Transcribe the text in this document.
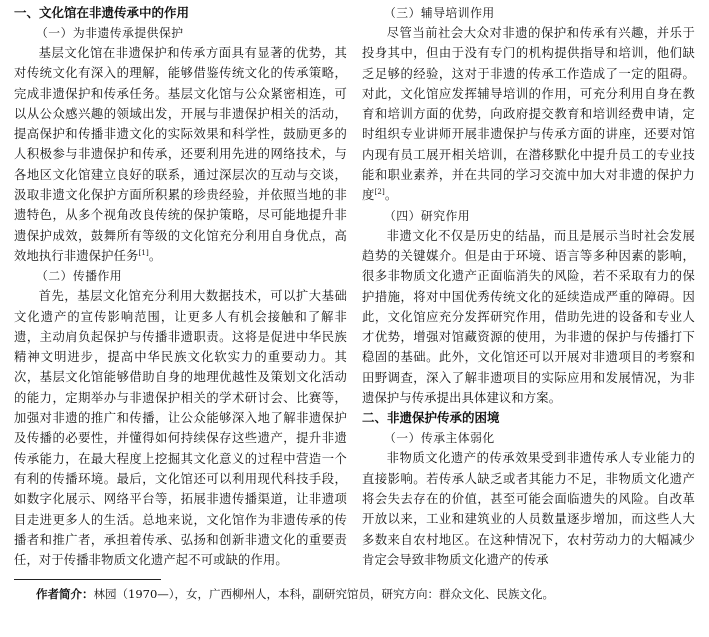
一、文化馆在非遗传承中的作用

（一）为非遗传承提供保护

基层文化馆在非遗保护和传承方面具有显著的优势，其对传统文化有深入的理解，能够借鉴传统文化的传承策略，完成非遗保护和传承任务。基层文化馆与公众紧密相连，可以从公众感兴趣的领域出发，开展与非遗保护相关的活动，提高保护和传播非遗文化的实际效果和科学性，鼓励更多的人积极参与非遗保护和传承，还要利用先进的网络技术，与各地区文化馆建立良好的联系，通过深层次的互动与交谈，汲取非遗文化保护方面所积累的珍贵经验，并依照当地的非遗特色，从多个视角改良传统的保护策略，尽可能地提升非遗保护成效，鼓舞所有等级的文化馆充分利用自身优点，高效地执行非遗保护任务[1]。

（二）传播作用

首先，基层文化馆充分利用大数据技术，可以扩大基础文化遗产的宣传影响范围，让更多人有机会接触和了解非遗，主动肩负起保护与传播非遗职责。这将是促进中华民族精神文明进步，提高中华民族文化软实力的重要动力。其次，基层文化馆能够借助自身的地理优越性及策划文化活动的能力，定期举办与非遗保护相关的学术研讨会、比赛等，加强对非遗的推广和传播，让公众能够深入地了解非遗保护及传播的必要性，并懂得如何持续保存这些遗产，提升非遗传承能力，在最大程度上挖掘其文化意义的过程中营造一个有利的传播环境。最后，文化馆还可以利用现代科技手段，如数字化展示、网络平台等，拓展非遗传播渠道，让非遗项目走进更多人的生活。总地来说，文化馆作为非遗传承的传播者和推广者，承担着传承、弘扬和创新非遗文化的重要责任，对于传播非物质文化遗产起不可或缺的作用。

（三）辅导培训作用

尽管当前社会大众对非遗的保护和传承有兴趣，并乐于投身其中，但由于没有专门的机构提供指导和培训，他们缺乏足够的经验，这对于非遗的传承工作造成了一定的阻碍。对此，文化馆应发挥辅导培训的作用，可充分利用自身在教育和培训方面的优势，向政府提交教育和培训经费申请，定时组织专业讲师开展非遗保护与传承方面的讲座，还要对馆内现有员工展开相关培训，在潜移默化中提升员工的专业技能和职业素养，并在共同的学习交流中加大对非遗的保护力度[2]。

（四）研究作用

非遗文化不仅是历史的结晶，而且是展示当时社会发展趋势的关键媒介。但是由于环境、语言等多种因素的影响，很多非物质文化遗产正面临消失的风险，若不采取有力的保护措施，将对中国优秀传统文化的延续造成严重的障碍。因此，文化馆应充分发挥研究作用，借助先进的设备和专业人才优势，增强对馆藏资源的使用，为非遗的保护与传播打下稳固的基础。此外，文化馆还可以开展对非遗项目的考察和田野调查，深入了解非遗项目的实际应用和发展情况，为非遗保护与传承提出具体建议和方案。

二、非遗保护传承的困境

（一）传承主体弱化

非物质文化遗产的传承效果受到非遗传承人专业能力的直接影响。若传承人缺乏或者其能力不足，非物质文化遗产将会失去存在的价值，甚至可能会面临遗失的风险。自改革开放以来，工业和建筑业的人员数量逐步增加，而这些人大多数来自农村地区。在这种情况下，农村劳动力的大幅减少肯定会导致非物质文化遗产的传承

作者简介：林园（1970—），女，广西柳州人，本科，副研究馆员，研究方向：群众文化、民族文化。
